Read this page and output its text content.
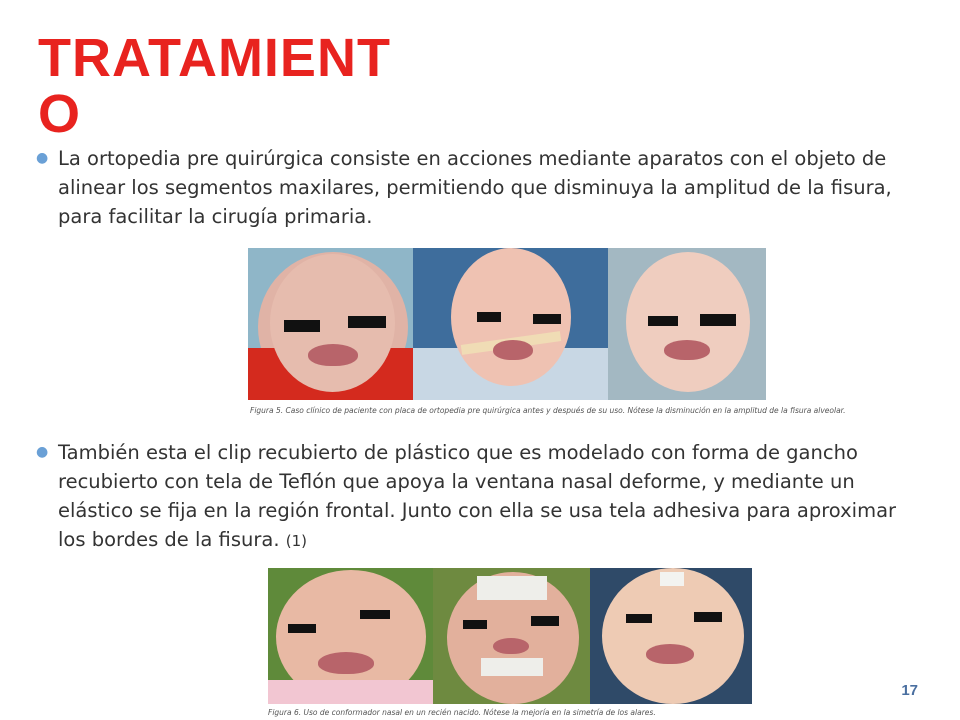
TRATAMIENT O
● La ortopedia pre quirúrgica consiste en acciones mediante aparatos con el objeto de alinear los segmentos maxilares, permitiendo que disminuya la amplitud de la fisura, para facilitar la cirugía primaria.
Figura 5. Caso clínico de paciente con placa de ortopedia pre quirúrgica antes y después de su uso. Nótese la disminución en la amplitud de la fisura alveolar.
● También esta el clip recubierto de plástico que es modelado con forma de gancho recubierto con tela de Teflón que apoya la ventana nasal deforme, y mediante un elástico se fija en la región frontal. Junto con ella se usa tela adhesiva para aproximar los bordes de la fisura. (1)
Figura 6. Uso de conformador nasal en un recién nacido. Nótese la mejoría en la simetría de los alares.
17
